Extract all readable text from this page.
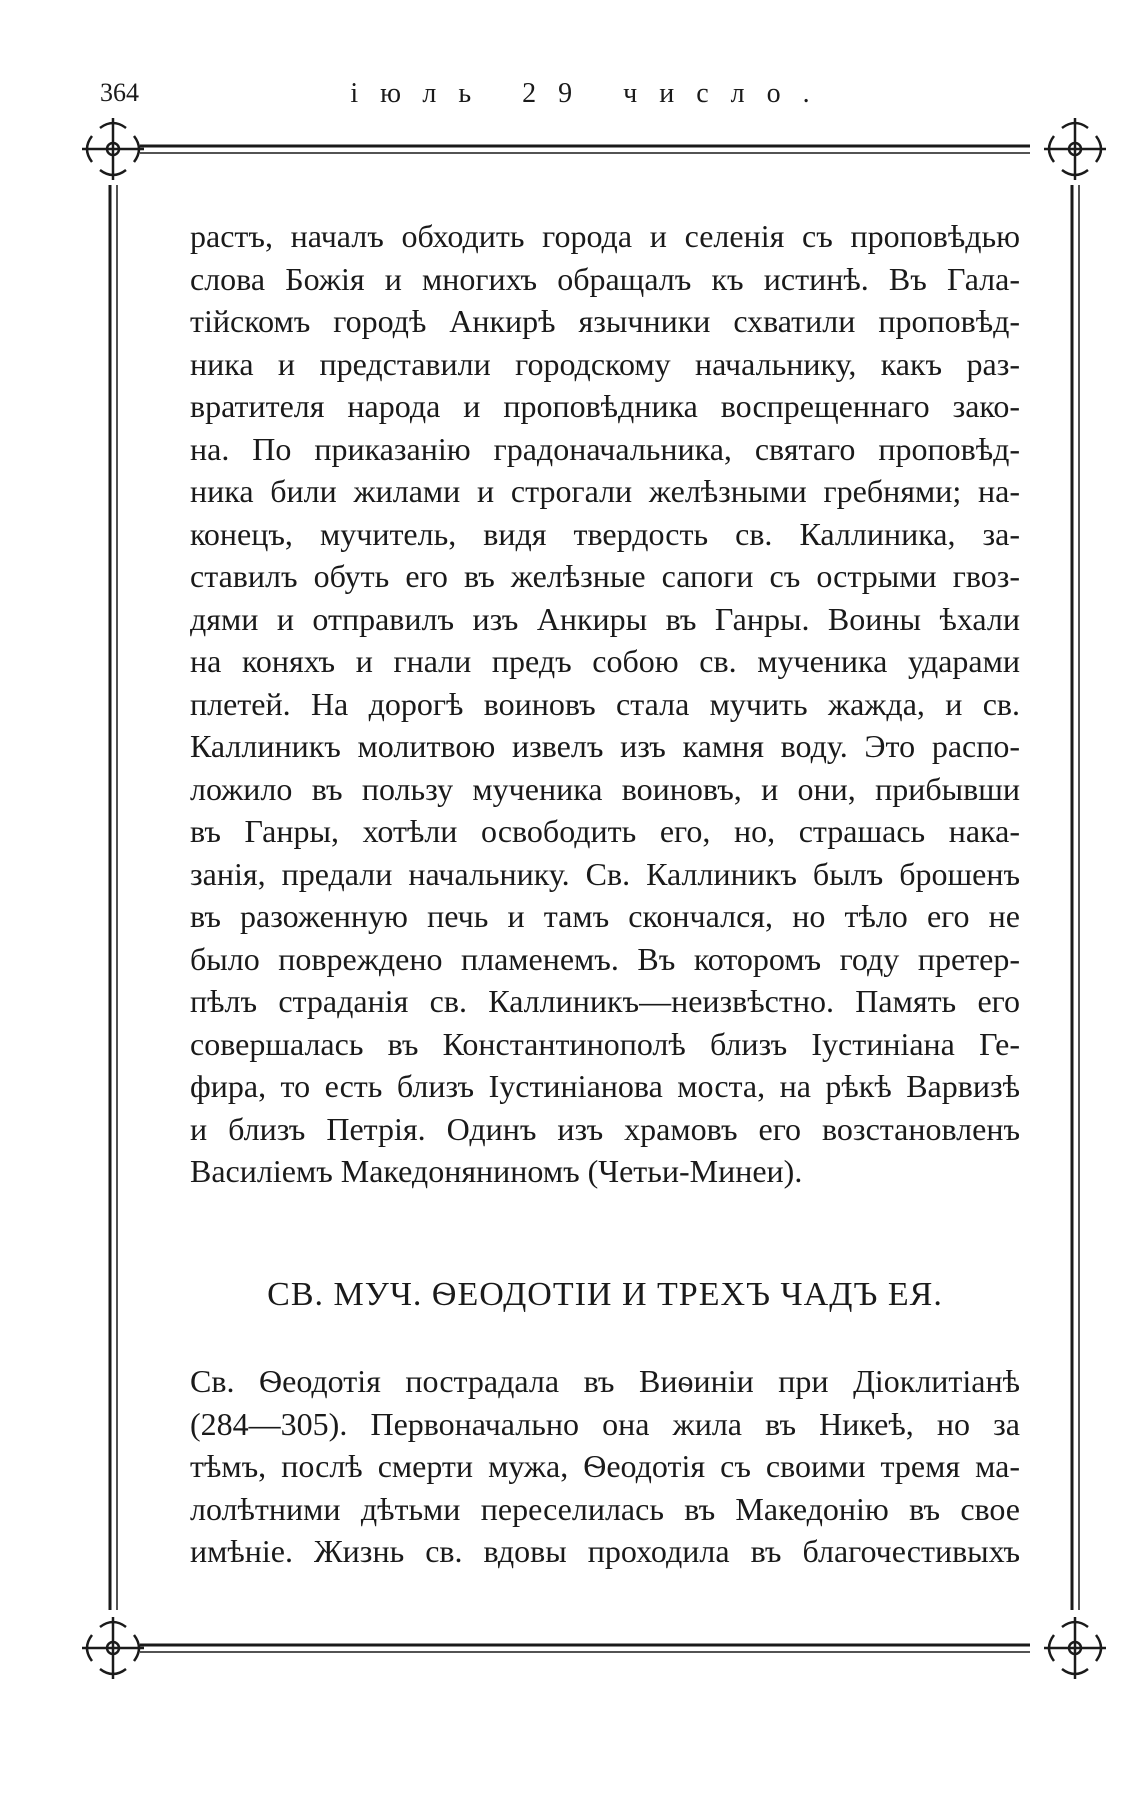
364	іюль 29 число.
растъ, началъ обходить города и селенія съ проповѣдью
слова Божія и многихъ обращалъ къ истинѣ. Въ Гала-
тійскомъ городѣ Анкирѣ язычники схватили проповѣд-
ника и представили городскому начальнику, какъ раз-
вратителя народа и проповѣдника воспрещеннаго зако-
на. По приказанію градоначальника, святаго проповѣд-
ника били жилами и строгали желѣзными гребнями; на-
конецъ, мучитель, видя твердость св. Каллиника, за-
ставилъ обуть его въ желѣзные сапоги съ острыми гвоз-
дями и отправилъ изъ Анкиры въ Ганры. Воины ѣхали
на коняхъ и гнали предъ собою св. мученика ударами
плетей. На дорогѣ воиновъ стала мучить жажда, и св.
Каллиникъ молитвою извелъ изъ камня воду. Это распо-
ложило въ пользу мученика воиновъ, и они, прибывши
въ Ганры, хотѣли освободить его, но, страшась нака-
занія, предали начальнику. Св. Каллиникъ былъ брошенъ
въ разоженную печь и тамъ скончался, но тѣло его не
было повреждено пламенемъ. Въ которомъ году претер-
пѣлъ страданія св. Каллиникъ—неизвѣстно. Память его
совершалась въ Константинополѣ близъ Іустиніана Ге-
фира, то есть близъ Іустиніанова моста, на рѣкѣ Варвизѣ
и близъ Петрія. Одинъ изъ храмовъ его возстановленъ
Василіемъ Македоняниномъ (Четьи-Минеи).
СВ. МУЧ. ѲЕОДОТІИ И ТРЕХЪ ЧАДЪ ЕЯ.
Св. Ѳеодотія пострадала въ Виѳиніи при Діоклитіанѣ
(284—305). Первоначально она жила въ Никеѣ, но за
тѣмъ, послѣ смерти мужа, Ѳеодотія съ своими тремя ма-
лолѣтними дѣтьми переселилась въ Македонію въ свое
имѣніе. Жизнь св. вдовы проходила въ благочестивыхъ
